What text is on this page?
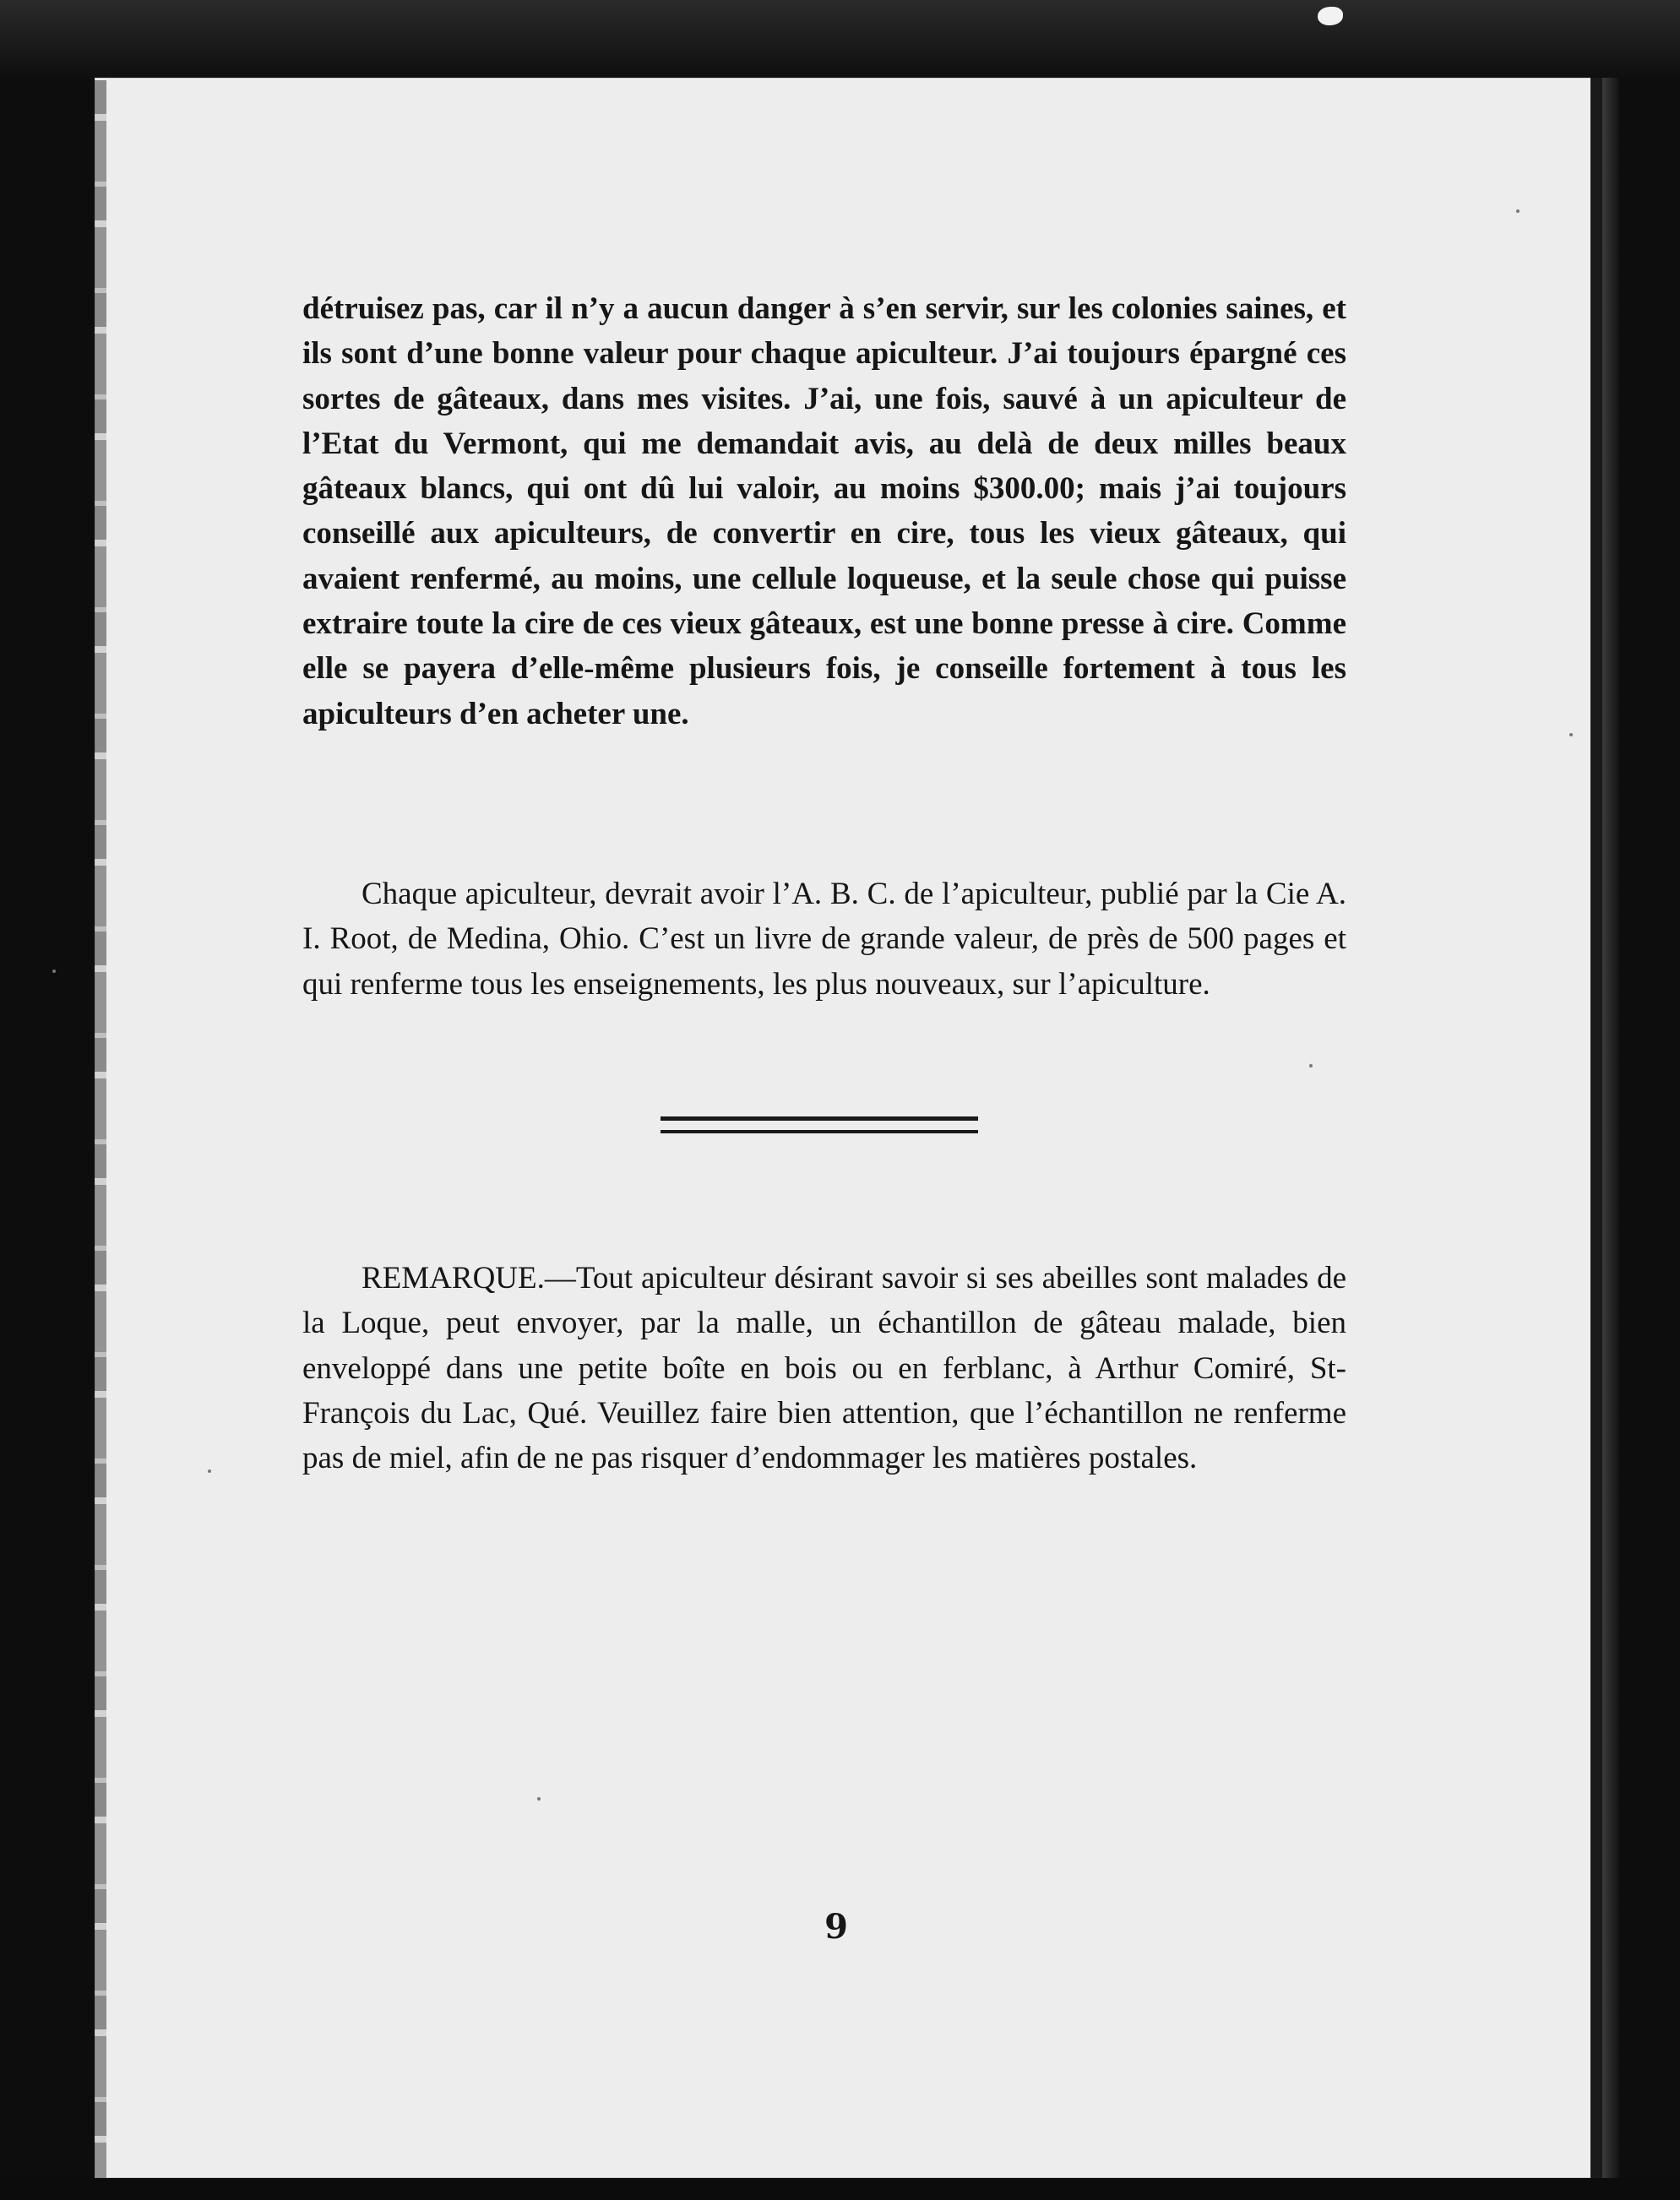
détruisez pas, car il n’y a aucun danger à s’en servir, sur les colonies saines, et ils sont d’une bonne valeur pour chaque apiculteur. J’ai toujours épargné ces sortes de gâteaux, dans mes visites. J’ai, une fois, sauvé à un apiculteur de l’Etat du Vermont, qui me demandait avis, au delà de deux milles beaux gâteaux blancs, qui ont dû lui valoir, au moins $300.00; mais j’ai toujours conseillé aux apiculteurs, de convertir en cire, tous les vieux gâteaux, qui avaient renfermé, au moins, une cellule loqueuse, et la seule chose qui puisse extraire toute la cire de ces vieux gâteaux, est une bonne presse à cire. Comme elle se payera d’elle-même plusieurs fois, je conseille fortement à tous les apiculteurs d’en acheter une.

Chaque apiculteur, devrait avoir l’A. B. C. de l’apiculteur, publié par la Cie A. I. Root, de Medina, Ohio. C’est un livre de grande valeur, de près de 500 pages et qui renferme tous les enseignements, les plus nouveaux, sur l’apiculture.

REMARQUE.—Tout apiculteur désirant savoir si ses abeilles sont malades de la Loque, peut envoyer, par la malle, un échantillon de gâteau malade, bien enveloppé dans une petite boîte en bois ou en ferblanc, à Arthur Comiré, St-François du Lac, Qué. Veuillez faire bien attention, que l’échantillon ne renferme pas de miel, afin de ne pas risquer d’endommager les matières postales.

9
